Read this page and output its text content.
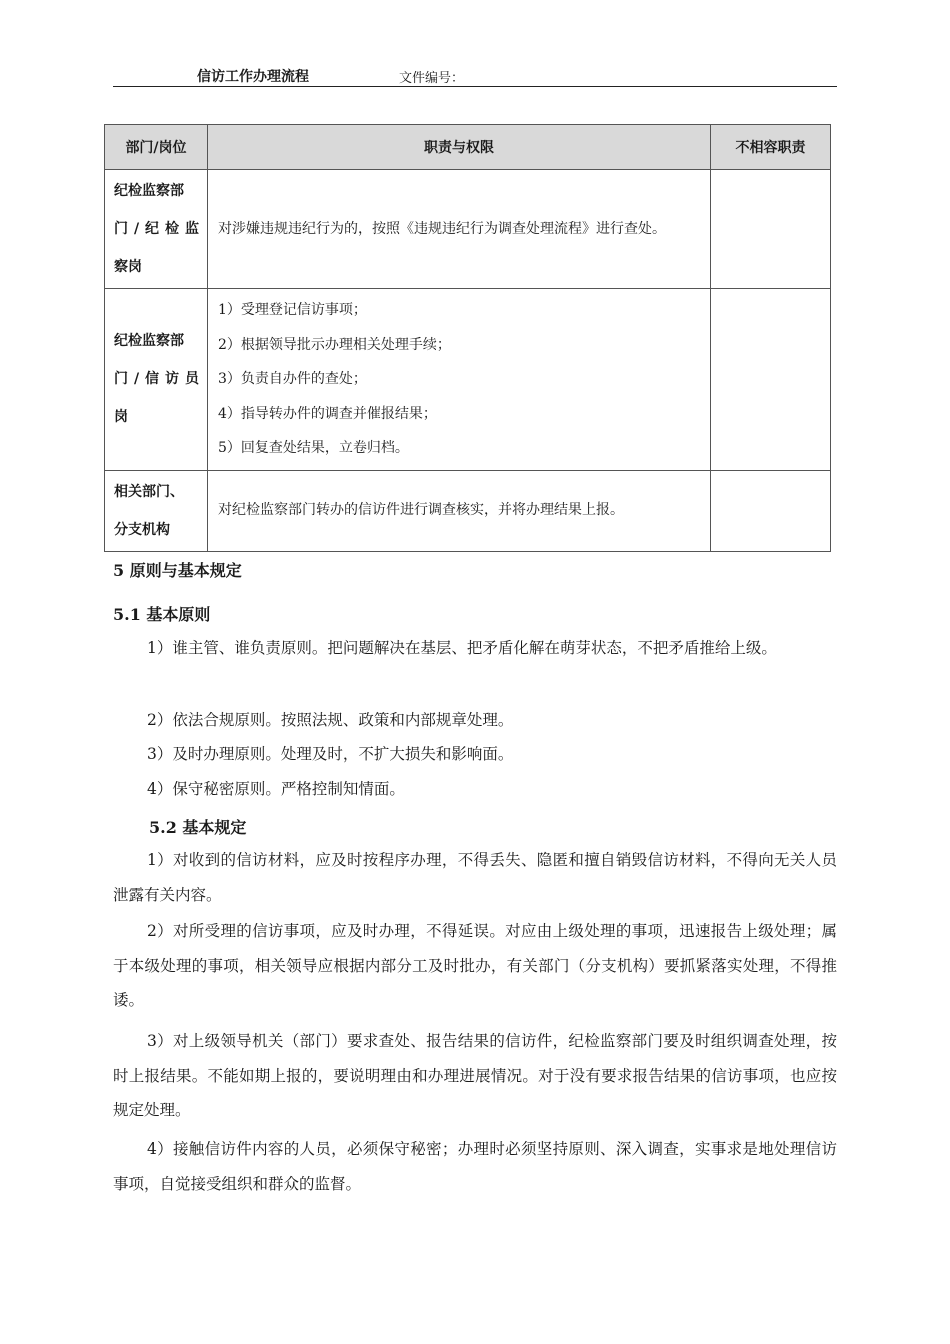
信访工作办理流程	文件编号：
部门/岗位	职责与权限	不相容职责

纪检监察部
门/纪检监
察岗	对涉嫌违规违纪行为的，按照《违规违纪行为调查处理流程》进行查处。	

纪检监察部
门/信访员
岗	1）受理登记信访事项；
2）根据领导批示办理相关处理手续；
3）负责自办件的查处；
4）指导转办件的调查并催报结果；
5）回复查处结果，立卷归档。	

相关部门、
分支机构	对纪检监察部门转办的信访件进行调查核实，并将办理结果上报。	

5 原则与基本规定
5.1 基本原则
1）谁主管、谁负责原则。把问题解决在基层、把矛盾化解在萌芽状态，不把矛盾推给上级。
2）依法合规原则。按照法规、政策和内部规章处理。
3）及时办理原则。处理及时，不扩大损失和影响面。
4）保守秘密原则。严格控制知情面。
5.2 基本规定
1）对收到的信访材料，应及时按程序办理，不得丢失、隐匿和擅自销毁信访材料，不得向无关人员泄露有关内容。
2）对所受理的信访事项，应及时办理，不得延误。对应由上级处理的事项，迅速报告上级处理；属于本级处理的事项，相关领导应根据内部分工及时批办，有关部门（分支机构）要抓紧落实处理，不得推诿。
3）对上级领导机关（部门）要求查处、报告结果的信访件，纪检监察部门要及时组织调查处理，按时上报结果。不能如期上报的，要说明理由和办理进展情况。对于没有要求报告结果的信访事项，也应按规定处理。
4）接触信访件内容的人员，必须保守秘密；办理时必须坚持原则、深入调查，实事求是地处理信访事项，自觉接受组织和群众的监督。
